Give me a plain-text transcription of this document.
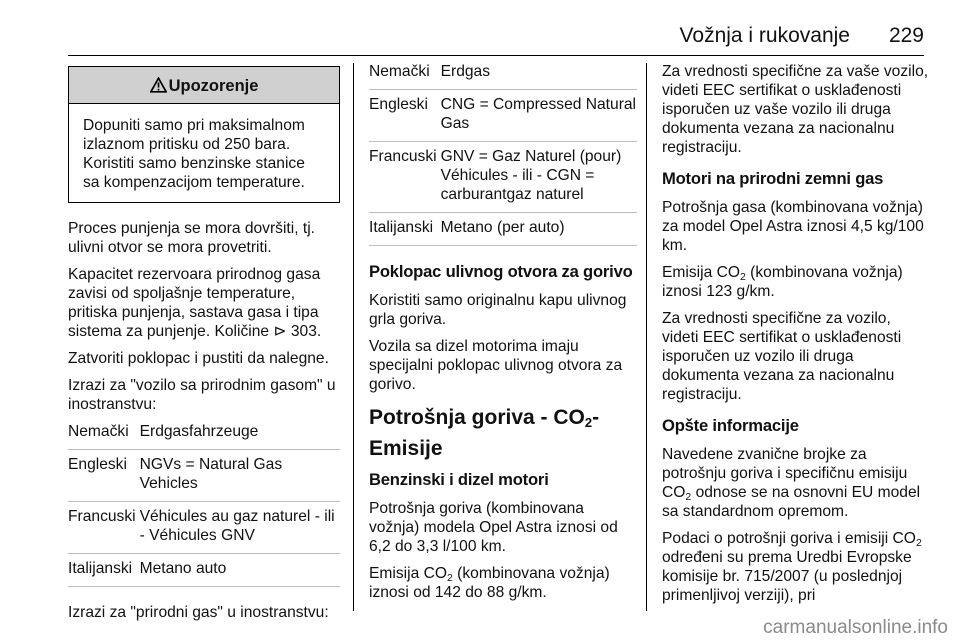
Vožnja i rukovanje 229
Upozorenje
Dopuniti samo pri maksimalnom izlaznom pritisku od 250 bara. Koristiti samo benzinske stanice sa kompenzacijom temperature.

Proces punjenja se mora dovršiti, tj. ulivni otvor se mora provetriti.

Kapacitet rezervoara prirodnog gasa zavisi od spoljašnje temperature, pritiska punjenja, sastava gasa i tipa sistema za punjenje. Količine ⊳ 303.

Zatvoriti poklopac i pustiti da nalegne.

Izrazi za "vozilo sa prirodnim gasom" u inostranstvu:

Nemački	Erdgasfahrzeuge
Engleski	NGVs = Natural Gas Vehicles
Francuski	Véhicules au gaz naturel - ili - Véhicules GNV
Italijanski	Metano auto

Izrazi za "prirodni gas" u inostranstvu:

Nemački	Erdgas
Engleski	CNG = Compressed Natural Gas
Francuski	GNV = Gaz Naturel (pour) Véhicules - ili - CGN = carburantgaz naturel
Italijanski	Metano (per auto)
Poklopac ulivnog otvora za gorivo

Koristiti samo originalnu kapu ulivnog grla goriva.

Vozila sa dizel motorima imaju specijalni poklopac ulivnog otvora za gorivo.

Potrošnja goriva - $CO_2-$
Emisije
Benzinski i dizel motori

Potrošnja goriva (kombinovana vožnja) modela Opel Astra iznosi od 6,2 do 3,3 l/100 km.

Emisija $CO_2$ (kombinovana vožnja) iznosi od 142 do 88 g/km.

Za vrednosti specifične za vaše vozilo, videti EEC sertifikat o usklađenosti isporučen uz vaše vozilo ili druga dokumenta vezana za nacionalnu registraciju.

Motori na prirodni zemni gas

Potrošnja gasa (kombinovana vožnja) za model Opel Astra iznosi 4,5 kg/100 km.

Emisija $CO_2$ (kombinovana vožnja) iznosi 123 g/km.

Za vrednosti specifične za vozilo, videti EEC sertifikat o usklađenosti isporučen uz vozilo ili druga dokumenta vezana za nacionalnu registraciju.

Opšte informacije

Navedene zvanične brojke za potrošnju goriva i specifičnu emisiju $CO_2$ odnose se na osnovni EU model sa standardnom opremom.

Podaci o potrošnji goriva i emisiji $CO_2$ određeni su prema Uredbi Evropske komisije br. 715/2007 (u poslednjoj primenljivoj verziji), pri

carmanualsonline.info
